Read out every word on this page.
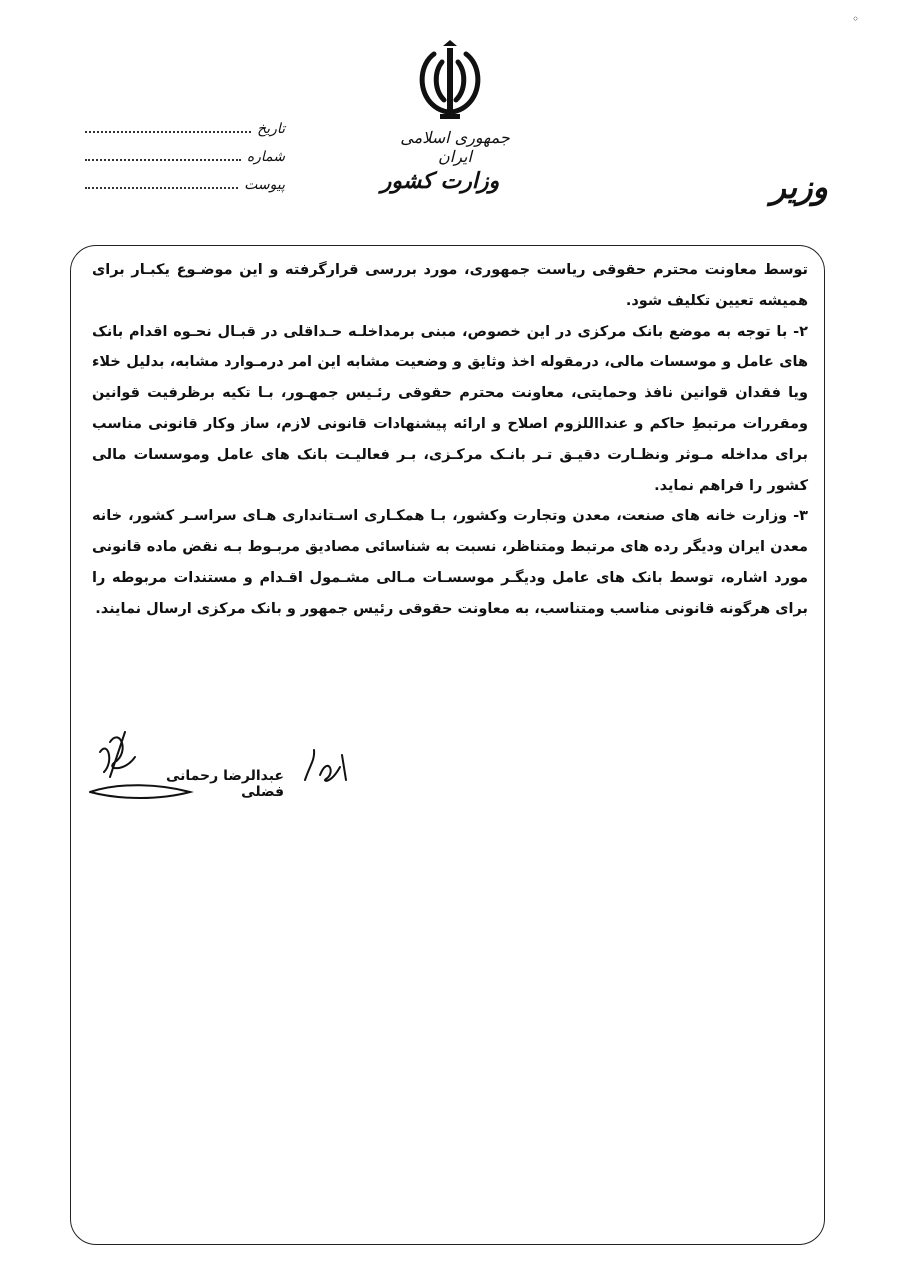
◦
جمهوری اسلامی ایران
وزارت کشور	وزیر
تاریخ
شماره
پیوست

توسط معاونت محترم حقوقی ریاست جمهوری، مورد بررسی قرارگرفته و این موضـوع یکبـار برای همیشه تعیین تکلیف شود.

۲- با توجه به موضع بانک مرکزی در این خصوص، مبنی برمداخلـه حـداقلی در قبـال نحـوه اقدام بانک های عامل و موسسات مالی، درمقوله اخذ وثایق و وضعیت مشابه این امر درمـوارد مشابه، بدلیل خلاء ویا فقدان قوانین نافذ وحمایتی، معاونت محترم حقوقی رئـیس جمهـور، بـا تکیه برظرفیت قوانین ومقررات مرتبطِ حاکم و عندااللزوم اصلاح و ارائه پیشنهادات قانونی لازم، ساز وکار قانونی مناسب برای مداخله مـوثر ونظـارت دقیـق تـر بانـک مرکـزی، بـر فعالیـت بانک های عامل وموسسات مالی کشور را فراهم نماید.

۳- وزارت خانه های صنعت، معدن وتجارت وکشور، بـا همکـاری اسـتانداری هـای سراسـر کشور، خانه معدن ایران ودیگر رده های مرتبط ومتناظر، نسبت به شناسائی مصادیق مربـوط بـه نقض ماده قانونی مورد اشاره، توسط بانک های عامل ودیگـر موسسـات مـالی مشـمول اقـدام و مستندات مربوطه را برای هرگونه قانونی مناسب ومتناسب، به معاونت حقوقی رئیس جمهور و بانک مرکزی ارسال نمایند.

عبدالرضا رحمانی فضلی
